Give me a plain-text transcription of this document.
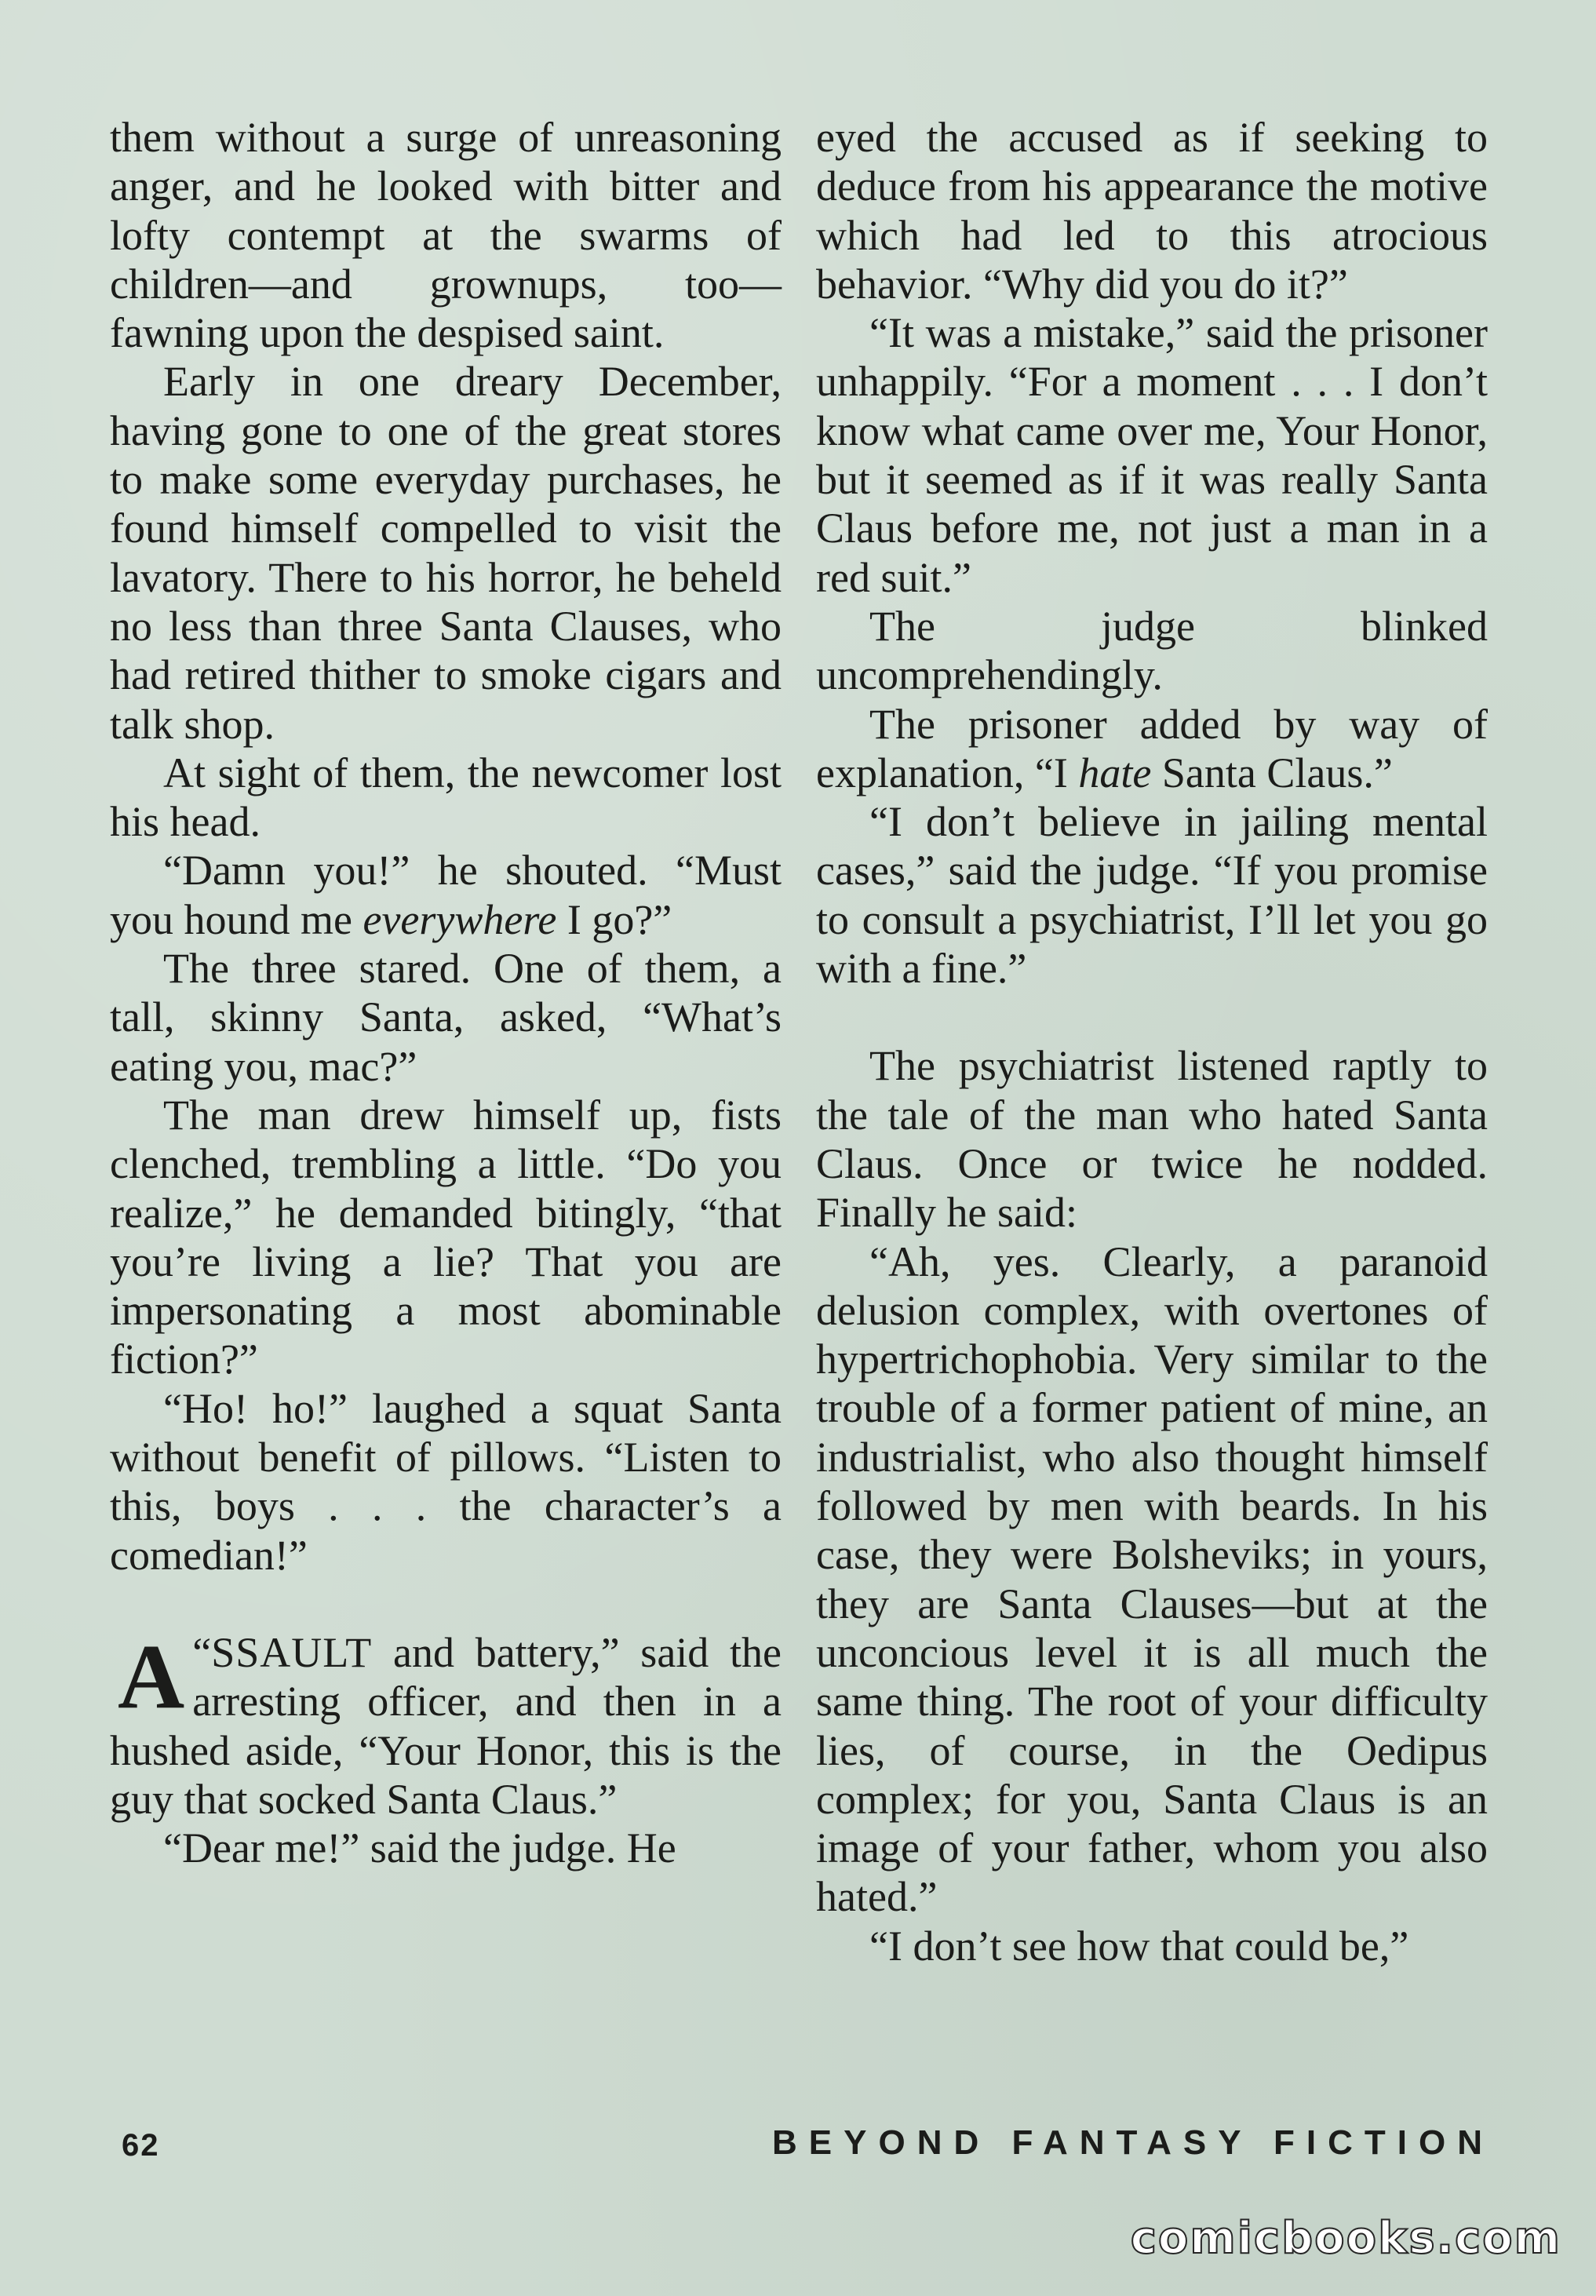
them without a surge of unreasoning anger, and he looked with bitter and lofty contempt at the swarms of children—and grownups, too—fawning upon the despised saint.

Early in one dreary December, having gone to one of the great stores to make some everyday purchases, he found himself compelled to visit the lavatory. There to his horror, he beheld no less than three Santa Clauses, who had retired thither to smoke cigars and talk shop.

At sight of them, the newcomer lost his head.

“Damn you!” he shouted. “Must you hound me everywhere I go?”

The three stared. One of them, a tall, skinny Santa, asked, “What’s eating you, mac?”

The man drew himself up, fists clenched, trembling a little. “Do you realize,” he demanded bitingly, “that you’re living a lie? That you are impersonating a most abominable fiction?”

“Ho! ho!” laughed a squat Santa without benefit of pillows. “Listen to this, boys . . . the character’s a comedian!”

“
A SSAULT and battery,” said the arresting officer, and then in a hushed aside, “Your Honor, this is the guy that socked Santa Claus.”

“Dear me!” said the judge. He

eyed the accused as if seeking to deduce from his appearance the motive which had led to this atrocious behavior. “Why did you do it?”

“It was a mistake,” said the prisoner unhappily. “For a moment . . . I don’t know what came over me, Your Honor, but it seemed as if it was really Santa Claus before me, not just a man in a red suit.”

The judge blinked uncomprehendingly.

The prisoner added by way of explanation, “I hate Santa Claus.”

“I don’t believe in jailing mental cases,” said the judge. “If you promise to consult a psychiatrist, I’ll let you go with a fine.”

The psychiatrist listened raptly to the tale of the man who hated Santa Claus. Once or twice he nodded. Finally he said:

“Ah, yes. Clearly, a paranoid delusion complex, with overtones of hypertrichophobia. Very similar to the trouble of a former patient of mine, an industrialist, who also thought himself followed by men with beards. In his case, they were Bolsheviks; in yours, they are Santa Clauses—but at the unconcious level it is all much the same thing. The root of your difficulty lies, of course, in the Oedipus complex; for you, Santa Claus is an image of your father, whom you also hated.”

“I don’t see how that could be,”

62	BEYOND FANTASY FICTION
comicbooks.com
